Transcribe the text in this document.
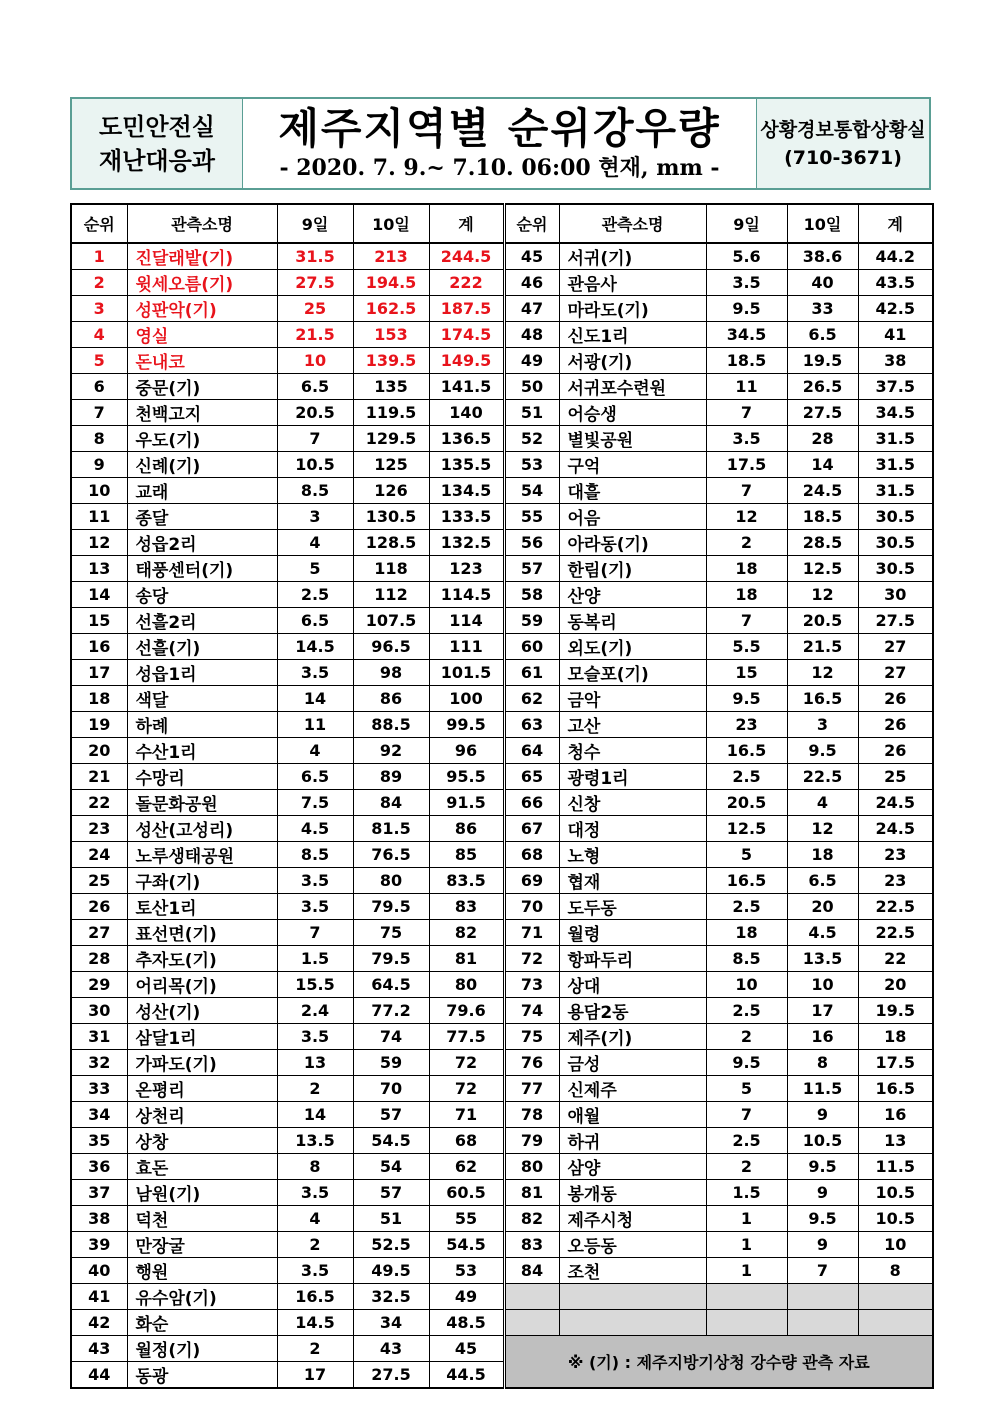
도민안전실
재난대응과
제주지역별 순위강우량
- 2020. 7. 9.~ 7.10. 06:00 현재, mm -
상황경보통합상황실
(710-3671)
순위	관측소명	9일	10일	계	순위	관측소명	9일	10일	계
1	진달래밭(기)	31.5	213	244.5	45	서귀(기)	5.6	38.6	44.2
2	윗세오름(기)	27.5	194.5	222	46	관음사	3.5	40	43.5
3	성판악(기)	25	162.5	187.5	47	마라도(기)	9.5	33	42.5
4	영실	21.5	153	174.5	48	신도1리	34.5	6.5	41
5	돈내코	10	139.5	149.5	49	서광(기)	18.5	19.5	38
6	중문(기)	6.5	135	141.5	50	서귀포수련원	11	26.5	37.5
7	천백고지	20.5	119.5	140	51	어승생	7	27.5	34.5
8	우도(기)	7	129.5	136.5	52	별빛공원	3.5	28	31.5
9	신례(기)	10.5	125	135.5	53	구억	17.5	14	31.5
10	교래	8.5	126	134.5	54	대흘	7	24.5	31.5
11	종달	3	130.5	133.5	55	어음	12	18.5	30.5
12	성읍2리	4	128.5	132.5	56	아라동(기)	2	28.5	30.5
13	태풍센터(기)	5	118	123	57	한림(기)	18	12.5	30.5
14	송당	2.5	112	114.5	58	산양	18	12	30
15	선흘2리	6.5	107.5	114	59	동복리	7	20.5	27.5
16	선흘(기)	14.5	96.5	111	60	외도(기)	5.5	21.5	27
17	성읍1리	3.5	98	101.5	61	모슬포(기)	15	12	27
18	색달	14	86	100	62	금악	9.5	16.5	26
19	하례	11	88.5	99.5	63	고산	23	3	26
20	수산1리	4	92	96	64	청수	16.5	9.5	26
21	수망리	6.5	89	95.5	65	광령1리	2.5	22.5	25
22	돌문화공원	7.5	84	91.5	66	신창	20.5	4	24.5
23	성산(고성리)	4.5	81.5	86	67	대정	12.5	12	24.5
24	노루생태공원	8.5	76.5	85	68	노형	5	18	23
25	구좌(기)	3.5	80	83.5	69	협재	16.5	6.5	23
26	토산1리	3.5	79.5	83	70	도두동	2.5	20	22.5
27	표선면(기)	7	75	82	71	월령	18	4.5	22.5
28	추자도(기)	1.5	79.5	81	72	항파두리	8.5	13.5	22
29	어리목(기)	15.5	64.5	80	73	상대	10	10	20
30	성산(기)	2.4	77.2	79.6	74	용담2동	2.5	17	19.5
31	삼달1리	3.5	74	77.5	75	제주(기)	2	16	18
32	가파도(기)	13	59	72	76	금성	9.5	8	17.5
33	온평리	2	70	72	77	신제주	5	11.5	16.5
34	상천리	14	57	71	78	애월	7	9	16
35	상창	13.5	54.5	68	79	하귀	2.5	10.5	13
36	효돈	8	54	62	80	삼양	2	9.5	11.5
37	남원(기)	3.5	57	60.5	81	봉개동	1.5	9	10.5
38	덕천	4	51	55	82	제주시청	1	9.5	10.5
39	만장굴	2	52.5	54.5	83	오등동	1	9	10
40	행원	3.5	49.5	53	84	조천	1	7	8
41	유수암(기)	16.5	32.5	49					
42	화순	14.5	34	48.5					
43	월정(기)	2	43	45	※ (기) : 제주지방기상청 강수량 관측 자료				
44	동광	17	27.5	44.5					
